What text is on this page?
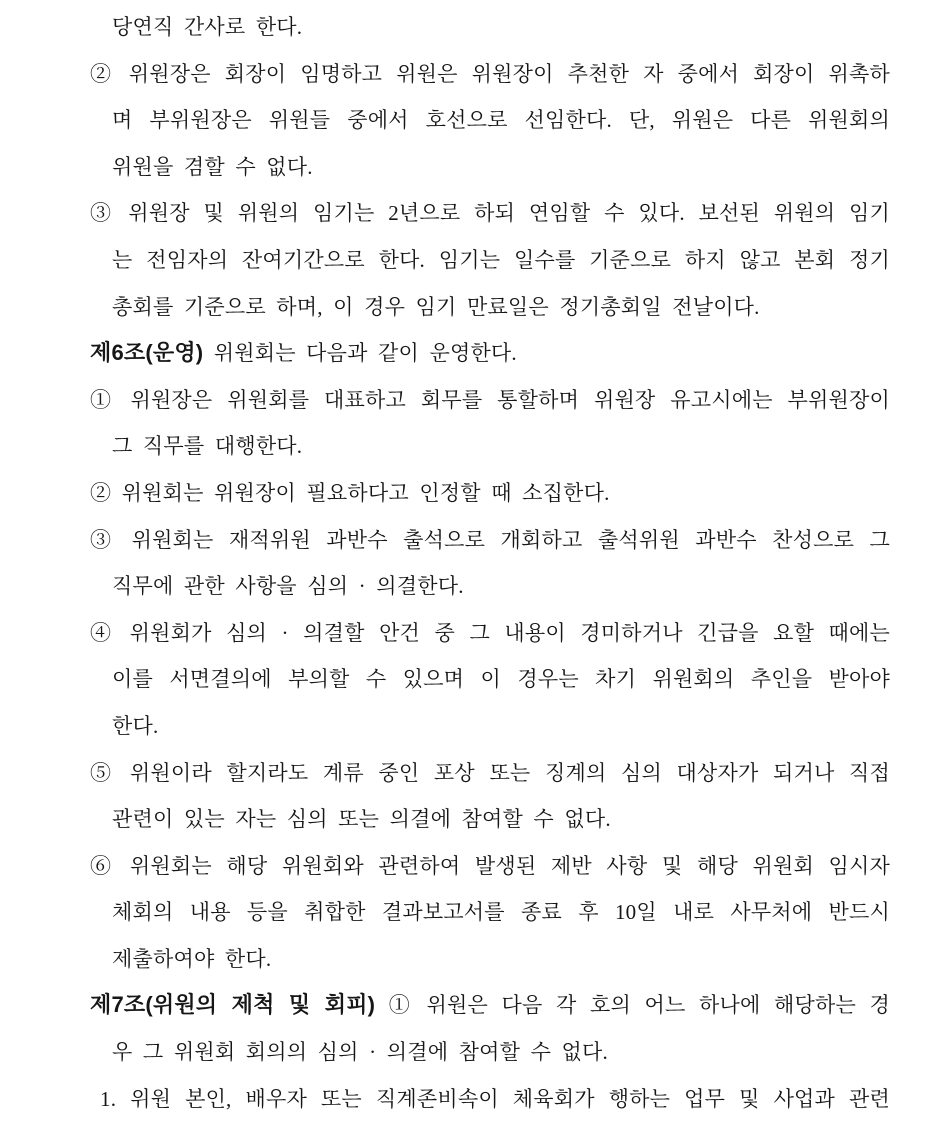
당연직 간사로 한다.
② 위원장은 회장이 임명하고 위원은 위원장이 추천한 자 중에서 회장이 위촉하
며 부위원장은 위원들 중에서 호선으로 선임한다. 단, 위원은 다른 위원회의
위원을 겸할 수 없다.
③ 위원장 및 위원의 임기는 2년으로 하되 연임할 수 있다. 보선된 위원의 임기
는 전임자의 잔여기간으로 한다. 임기는 일수를 기준으로 하지 않고 본회 정기
총회를 기준으로 하며, 이 경우 임기 만료일은 정기총회일 전날이다.
제6조(운영) 위원회는 다음과 같이 운영한다.
① 위원장은 위원회를 대표하고 회무를 통할하며 위원장 유고시에는 부위원장이
그 직무를 대행한다.
② 위원회는 위원장이 필요하다고 인정할 때 소집한다.
③ 위원회는 재적위원 과반수 출석으로 개회하고 출석위원 과반수 찬성으로 그
직무에 관한 사항을 심의 · 의결한다.
④ 위원회가 심의 · 의결할 안건 중 그 내용이 경미하거나 긴급을 요할 때에는
이를 서면결의에 부의할 수 있으며 이 경우는 차기 위원회의 추인을 받아야
한다.
⑤ 위원이라 할지라도 계류 중인 포상 또는 징계의 심의 대상자가 되거나 직접
관련이 있는 자는 심의 또는 의결에 참여할 수 없다.
⑥ 위원회는 해당 위원회와 관련하여 발생된 제반 사항 및 해당 위원회 임시자
체회의 내용 등을 취합한 결과보고서를 종료 후 10일 내로 사무처에 반드시
제출하여야 한다.
제7조(위원의 제척 및 회피) ① 위원은 다음 각 호의 어느 하나에 해당하는 경
우 그 위원회 회의의 심의 · 의결에 참여할 수 없다.
1. 위원 본인, 배우자 또는 직계존비속이 체육회가 행하는 업무 및 사업과 관련
